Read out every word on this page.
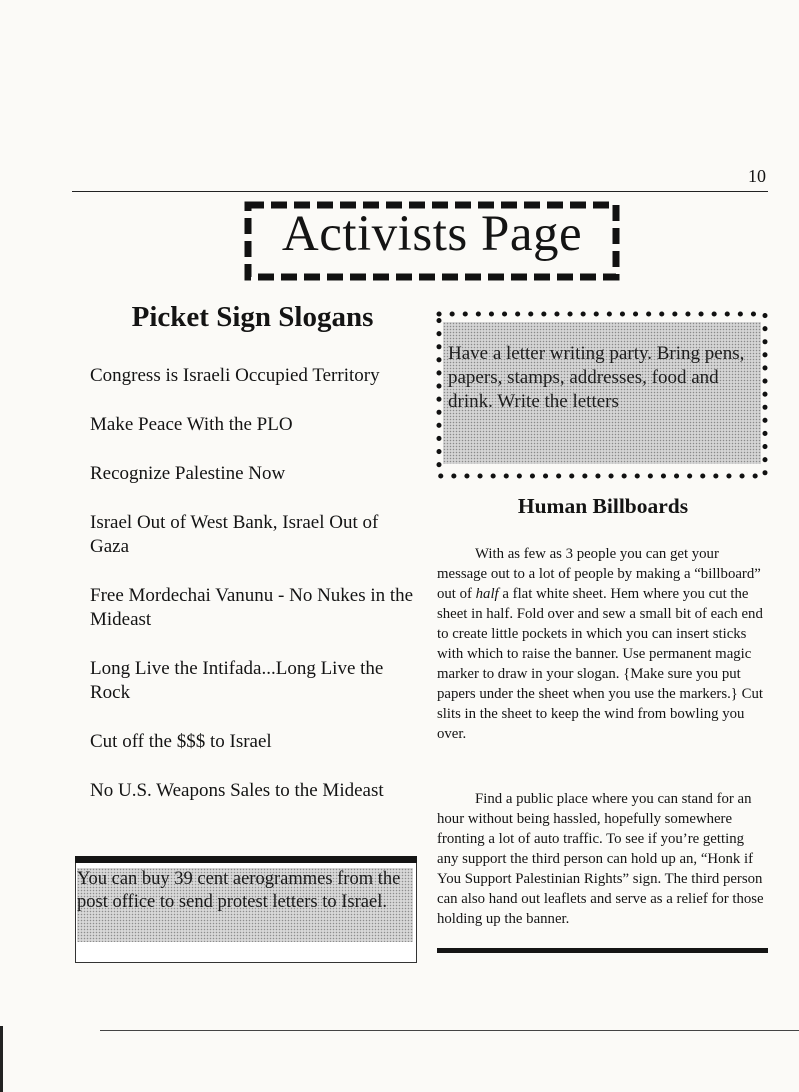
10
Activists Page
Picket Sign Slogans
Congress is Israeli Occupied Territory
Make Peace With the PLO
Recognize Palestine Now
Israel Out of West Bank, Israel Out of Gaza
Free Mordechai Vanunu - No Nukes in the Mideast
Long Live the Intifada...Long Live the Rock
Cut off the $$$ to Israel
No U.S. Weapons Sales to the Mideast
You can buy 39 cent aerogrammes from the post office to send protest letters to Israel.
Have a letter writing party. Bring pens, papers, stamps, addresses, food and drink. Write the letters
Human Billboards

With as few as 3 people you can get your message out to a lot of people by making a “billboard” out of half a flat white sheet. Hem where you cut the sheet in half. Fold over and sew a small bit of each end to create little pockets in which you can insert sticks with which to raise the banner. Use permanent magic marker to draw in your slogan. {Make sure you put papers under the sheet when you use the markers.} Cut slits in the sheet to keep the wind from bowling you over.

Find a public place where you can stand for an hour without being hassled, hopefully somewhere fronting a lot of auto traffic. To see if you’re getting any support the third person can hold up an, “Honk if You Support Palestinian Rights” sign. The third person can also hand out leaflets and serve as a relief for those holding up the banner.
